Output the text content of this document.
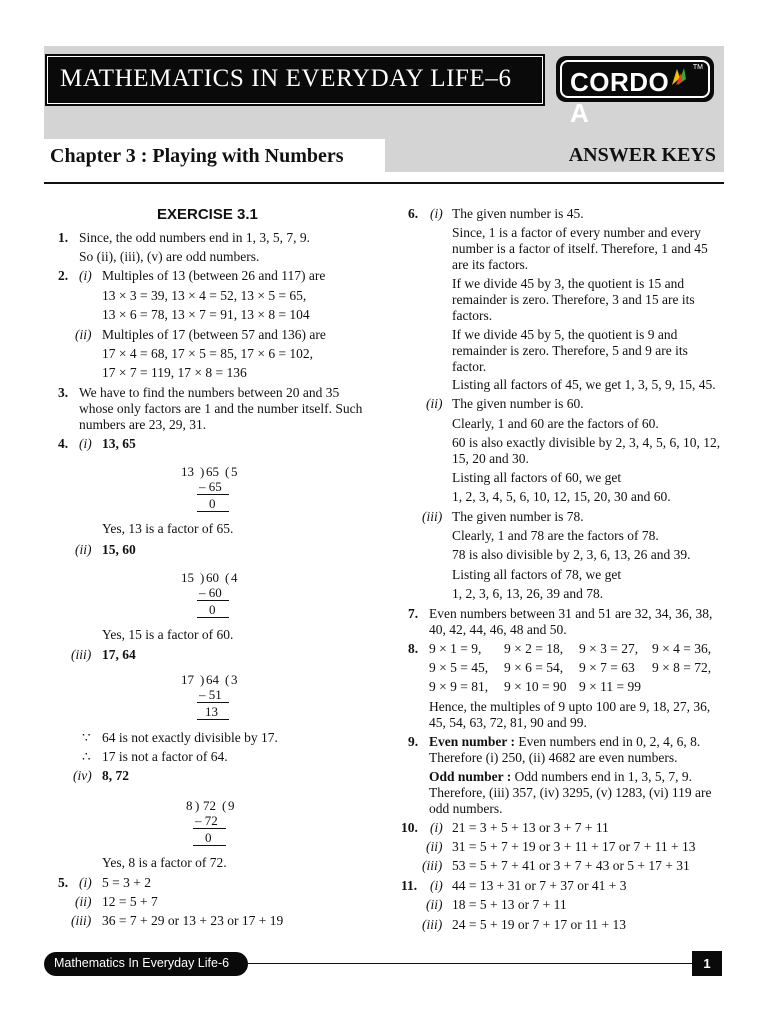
MATHEMATICS IN EVERYDAY LIFE–6 CORDOA
TM
Chapter 3 : Playing with Numbers	ANSWER KEYS
EXERCISE 3.1
1. Since, the odd numbers end in 1, 3, 5, 7, 9.
So (ii), (iii), (v) are odd numbers.
2. (i) Multiples of 13 (between 26 and 117) are
13 × 3 = 39, 13 × 4 = 52, 13 × 5 = 65,
13 × 6 = 78, 13 × 7 = 91, 13 × 8 = 104
(ii) Multiples of 17 (between 57 and 136) are
17 × 4 = 68, 17 × 5 = 85, 17 × 6 = 102,
17 × 7 = 119, 17 × 8 = 136
3. We have to find the numbers between 20 and 35
whose only factors are 1 and the number itself. Such
numbers are 23, 29, 31.
4. (i) 13, 65
13 ) 65 ( 5
– 65
0
Yes, 13 is a factor of 65.
(ii) 15, 60
15 ) 60 ( 4
– 60
0
Yes, 15 is a factor of 60.
(iii) 17, 64
17 ) 64 ( 3
– 51
13
∵ 64 is not exactly divisible by 17.
∴ 17 is not a factor of 64.
(iv) 8, 72
8 ) 72 ( 9
– 72
0
Yes, 8 is a factor of 72.
5. (i) 5 = 3 + 2
(ii) 12 = 5 + 7
(iii) 36 = 7 + 29 or 13 + 23 or 17 + 19
6. (i) The given number is 45.
Since, 1 is a factor of every number and every
number is a factor of itself. Therefore, 1 and 45
are its factors.
If we divide 45 by 3, the quotient is 15 and
remainder is zero. Therefore, 3 and 15 are its
factors.
If we divide 45 by 5, the quotient is 9 and
remainder is zero. Therefore, 5 and 9 are its
factor.
Listing all factors of 45, we get 1, 3, 5, 9, 15, 45.
(ii) The given number is 60.
Clearly, 1 and 60 are the factors of 60.
60 is also exactly divisible by 2, 3, 4, 5, 6, 10, 12,
15, 20 and 30.
Listing all factors of 60, we get
1, 2, 3, 4, 5, 6, 10, 12, 15, 20, 30 and 60.
(iii) The given number is 78.
Clearly, 1 and 78 are the factors of 78.
78 is also divisible by 2, 3, 6, 13, 26 and 39.
Listing all factors of 78, we get
1, 2, 3, 6, 13, 26, 39 and 78.
7. Even numbers between 31 and 51 are 32, 34, 36, 38,
40, 42, 44, 46, 48 and 50.
8. 9 × 1 = 9, 9 × 2 = 18, 9 × 3 = 27, 9 × 4 = 36,
9 × 5 = 45, 9 × 6 = 54, 9 × 7 = 63 9 × 8 = 72,
9 × 9 = 81, 9 × 10 = 90 9 × 11 = 99
Hence, the multiples of 9 upto 100 are 9, 18, 27, 36,
45, 54, 63, 72, 81, 90 and 99.
9. Even number : Even numbers end in 0, 2, 4, 6, 8.
Therefore (i) 250, (ii) 4682 are even numbers.
Odd number : Odd numbers end in 1, 3, 5, 7, 9.
Therefore, (iii) 357, (iv) 3295, (v) 1283, (vi) 119 are
odd numbers.
10. (i) 21 = 3 + 5 + 13 or 3 + 7 + 11
(ii) 31 = 5 + 7 + 19 or 3 + 11 + 17 or 7 + 11 + 13
(iii) 53 = 5 + 7 + 41 or 3 + 7 + 43 or 5 + 17 + 31
11. (i) 44 = 13 + 31 or 7 + 37 or 41 + 3
(ii) 18 = 5 + 13 or 7 + 11
(iii) 24 = 5 + 19 or 7 + 17 or 11 + 13
Mathematics In Everyday Life-6	1
